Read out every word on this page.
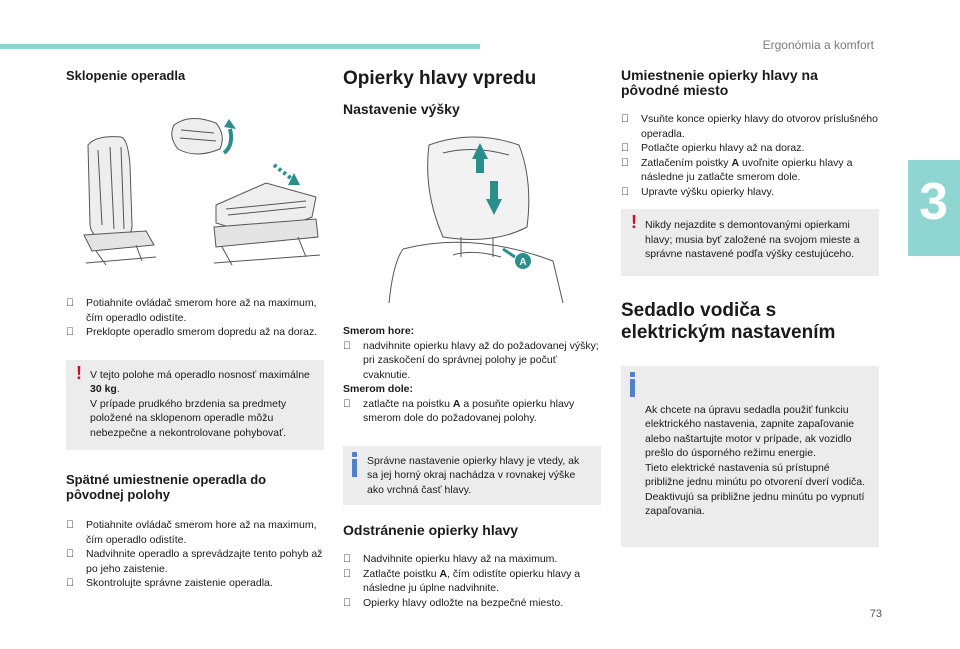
Ergonómia a komfort
3
73
Sklopenie operadla
Potiahnite ovládač smerom hore až na maximum, čím operadlo odistíte.
Preklopte operadlo smerom dopredu až na doraz.
! V tejto polohe má operadlo nosnosť maximálne 30 kg.
V prípade prudkého brzdenia sa predmety položené na sklopenom operadle môžu nebezpečne a nekontrolovane pohybovať.
Spätné umiestnenie operadla do pôvodnej polohy
Potiahnite ovládač smerom hore až na maximum, čím operadlo odistíte.
Nadvihnite operadlo a sprevádzajte tento pohyb až po jeho zaistenie.
Skontrolujte správne zaistenie operadla.
Opierky hlavy vpredu
Nastavenie výšky
A
Smerom hore:
nadvihnite opierku hlavy až do požadovanej výšky; pri zaskočení do správnej polohy je počuť cvaknutie.
Smerom dole:
zatlačte na poistku A a posuňte opierku hlavy smerom dole do požadovanej polohy.
Správne nastavenie opierky hlavy je vtedy, ak sa jej horný okraj nachádza v rovnakej výške ako vrchná časť hlavy.
Odstránenie opierky hlavy
Nadvihnite opierku hlavy až na maximum.
Zatlačte poistku A, čím odistíte opierku hlavy a následne ju úplne nadvihnite.
Opierky hlavy odložte na bezpečné miesto.
Umiestnenie opierky hlavy na pôvodné miesto
Vsuňte konce opierky hlavy do otvorov príslušného operadla.
Potlačte opierku hlavy až na doraz.
Zatlačením poistky A uvoľnite opierku hlavy a následne ju zatlačte smerom dole.
Upravte výšku opierky hlavy.
! Nikdy nejazdite s demontovanými opierkami hlavy; musia byť založené na svojom mieste a správne nastavené podľa výšky cestujúceho.
Sedadlo vodiča s elektrickým nastavením

Ak chcete na úpravu sedadla použiť funkciu elektrického nastavenia, zapnite zapaľovanie alebo naštartujte motor v prípade, ak vozidlo prešlo do úsporného režimu energie.
Tieto elektrické nastavenia sú prístupné približne jednu minútu po otvorení dverí vodiča. Deaktivujú sa približne jednu minútu po vypnutí zapaľovania.
